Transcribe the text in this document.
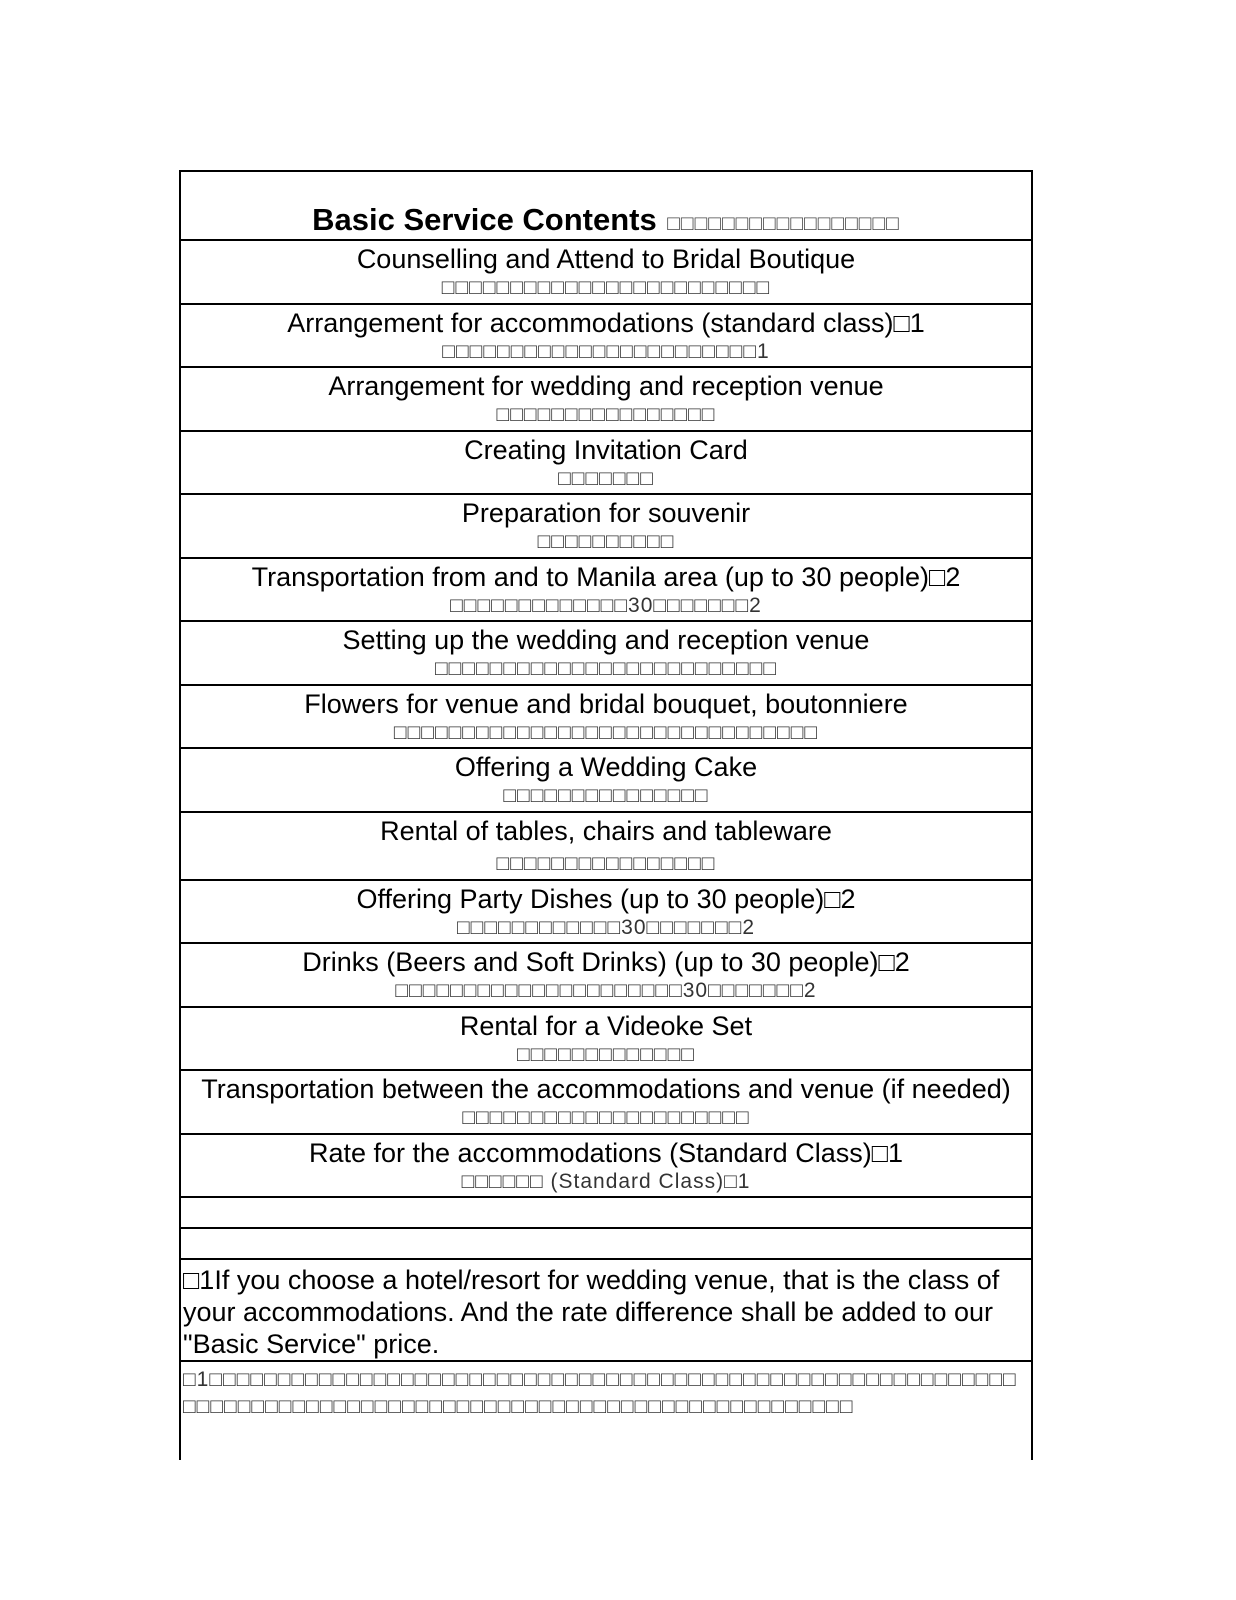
Basic Service Contents □□□□□□□□□□□□□□□□□
Counselling and Attend to Bridal Boutique
□□□□□□□□□□□□□□□□□□□□□□□□
Arrangement for accommodations (standard class)□1
□□□□□□□□□□□□□□□□□□□□□□□1
Arrangement for wedding and reception venue
□□□□□□□□□□□□□□□□
Creating Invitation Card
□□□□□□□
Preparation for souvenir
□□□□□□□□□□
Transportation from and to Manila area (up to 30 people)□2
□□□□□□□□□□□□□30□□□□□□□2
Setting up the wedding and reception venue
□□□□□□□□□□□□□□□□□□□□□□□□□
Flowers for venue and bridal bouquet, boutonniere
□□□□□□□□□□□□□□□□□□□□□□□□□□□□□□□
Offering a Wedding Cake
□□□□□□□□□□□□□□□
Rental of tables, chairs and tableware
□□□□□□□□□□□□□□□□
Offering Party Dishes (up to 30 people)□2
□□□□□□□□□□□□30□□□□□□□2
Drinks (Beers and Soft Drinks) (up to 30 people)□2
□□□□□□□□□□□□□□□□□□□□□30□□□□□□□2
Rental for a Videoke Set
□□□□□□□□□□□□□
Transportation between the accommodations and venue (if needed)
□□□□□□□□□□□□□□□□□□□□□
Rate for the accommodations (Standard Class)□1
□□□□□□ (Standard Class)□1
□1If you choose a hotel/resort for wedding venue, that is the class of your accommodations. And the rate difference shall be added to our "Basic Service" price.
□1□□□□□□□□□□□□□□□□□□□□□□□□□□□□□□□□□□□□□□□□□□□□□□□□□□□□□□□□□□□□□□□□□□□□□□□□□□□□□□□□□□□□□□□□□□□□□□□□□□□□□□□□□□□□
